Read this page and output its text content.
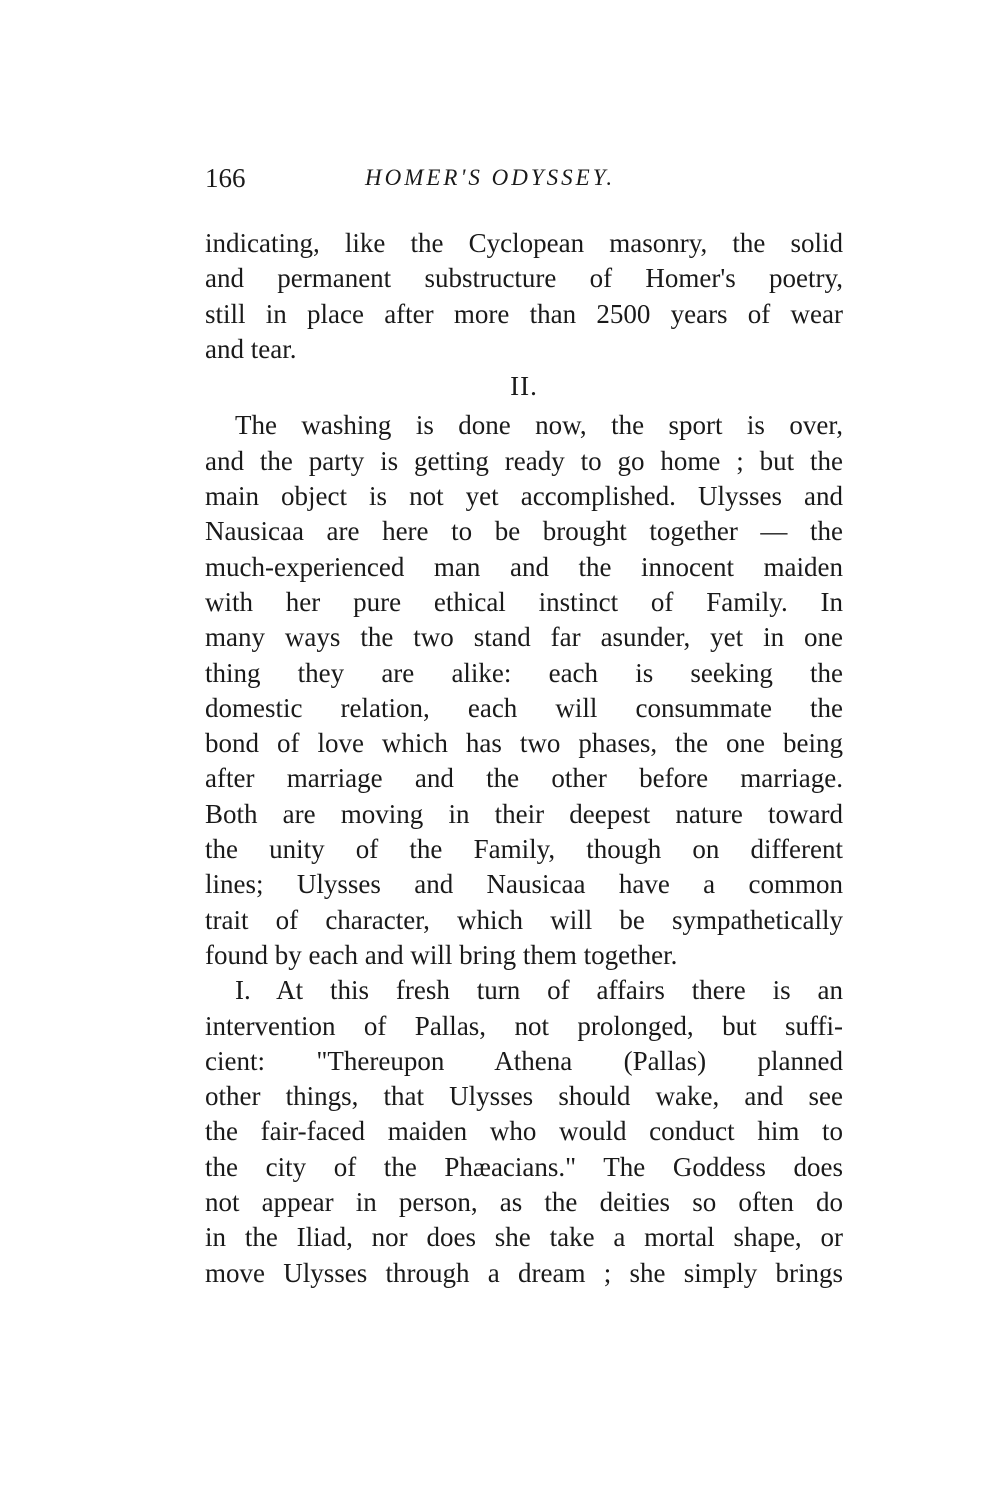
166	HOMER'S ODYSSEY.
indicating, like the Cyclopean masonry, the solid
and permanent substructure of Homer's poetry,
still in place after more than 2500 years of wear
and tear.
II.
The washing is done now, the sport is over,
and the party is getting ready to go home ; but the
main object is not yet accomplished. Ulysses and
Nausicaa are here to be brought together — the
much-experienced man and the innocent maiden
with her pure ethical instinct of Family. In
many ways the two stand far asunder, yet in one
thing they are alike: each is seeking the
domestic relation, each will consummate the
bond of love which has two phases, the one being
after marriage and the other before marriage.
Both are moving in their deepest nature toward
the unity of the Family, though on different
lines; Ulysses and Nausicaa have a common
trait of character, which will be sympathetically
found by each and will bring them together.
I. At this fresh turn of affairs there is an
intervention of Pallas, not prolonged, but suffi-
cient: "Thereupon Athena (Pallas) planned
other things, that Ulysses should wake, and see
the fair-faced maiden who would conduct him to
the city of the Phæacians." The Goddess does
not appear in person, as the deities so often do
in the Iliad, nor does she take a mortal shape, or
move Ulysses through a dream ; she simply brings
